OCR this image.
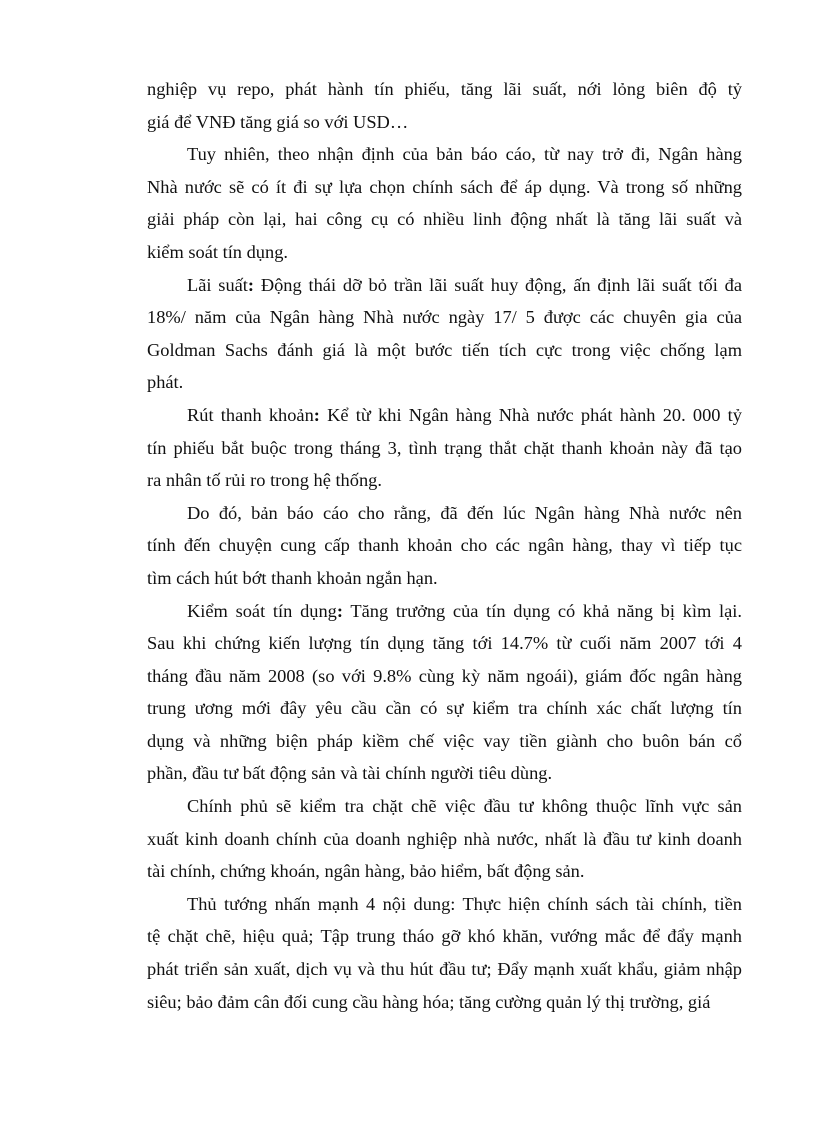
nghiệp vụ repo, phát hành tín phiếu, tăng lãi suất, nới lỏng biên độ tỷ
giá để VNĐ tăng giá so với USD…
Tuy nhiên, theo nhận định của bản báo cáo, từ nay trở đi, Ngân hàng
Nhà nước sẽ có ít đi sự lựa chọn chính sách để áp dụng. Và trong số những
giải pháp còn lại, hai công cụ có nhiều linh động nhất là tăng lãi suất và
kiểm soát tín dụng.
Lãi suất: Động thái dỡ bỏ trần lãi suất huy động, ấn định lãi suất tối đa
18%/ năm của Ngân hàng Nhà nước ngày 17/ 5 được các chuyên gia của
Goldman Sachs đánh giá là một bước tiến tích cực trong việc chống lạm
phát.
Rút thanh khoản: Kể từ khi Ngân hàng Nhà nước phát hành 20. 000 tỷ
tín phiếu bắt buộc trong tháng 3, tình trạng thắt chặt thanh khoản này đã tạo
ra nhân tố rủi ro trong hệ thống.
Do đó, bản báo cáo cho rằng, đã đến lúc Ngân hàng Nhà nước nên
tính đến chuyện cung cấp thanh khoản cho các ngân hàng, thay vì tiếp tục
tìm cách hút bớt thanh khoản ngắn hạn.
Kiểm soát tín dụng: Tăng trưởng của tín dụng có khả năng bị kìm lại.
Sau khi chứng kiến lượng tín dụng tăng tới 14.7% từ cuối năm 2007 tới 4
tháng đầu năm 2008 (so với 9.8% cùng kỳ năm ngoái), giám đốc ngân hàng
trung ương mới đây yêu cầu cần có sự kiểm tra chính xác chất lượng tín
dụng và những biện pháp kiềm chế việc vay tiền giành cho buôn bán cổ
phần, đầu tư bất động sản và tài chính người tiêu dùng.
Chính phủ sẽ kiểm tra chặt chẽ việc đầu tư không thuộc lĩnh vực sản
xuất kinh doanh chính của doanh nghiệp nhà nước, nhất là đầu tư kinh doanh
tài chính, chứng khoán, ngân hàng, bảo hiểm, bất động sản.
Thủ tướng nhấn mạnh 4 nội dung: Thực hiện chính sách tài chính, tiền
tệ chặt chẽ, hiệu quả; Tập trung tháo gỡ khó khăn, vướng mắc để đẩy mạnh
phát triển sản xuất, dịch vụ và thu hút đầu tư; Đẩy mạnh xuất khẩu, giảm nhập
siêu; bảo đảm cân đối cung cầu hàng hóa; tăng cường quản lý thị trường, giá
